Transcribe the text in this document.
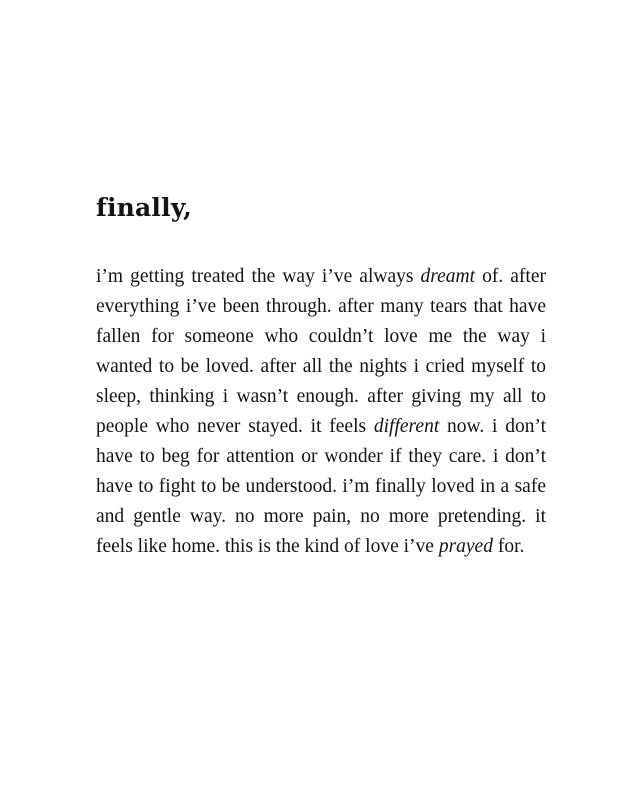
finally,

i’m getting treated the way i’ve always dreamt of. after everything i’ve been through. after many tears that have fallen for someone who couldn’t love me the way i wanted to be loved. after all the nights i cried myself to sleep, thinking i wasn’t enough. after giving my all to people who never stayed. it feels different now. i don’t have to beg for attention or wonder if they care. i don’t have to fight to be understood. i’m finally loved in a safe and gentle way. no more pain, no more pretending. it feels like home. this is the kind of love i’ve prayed for.
